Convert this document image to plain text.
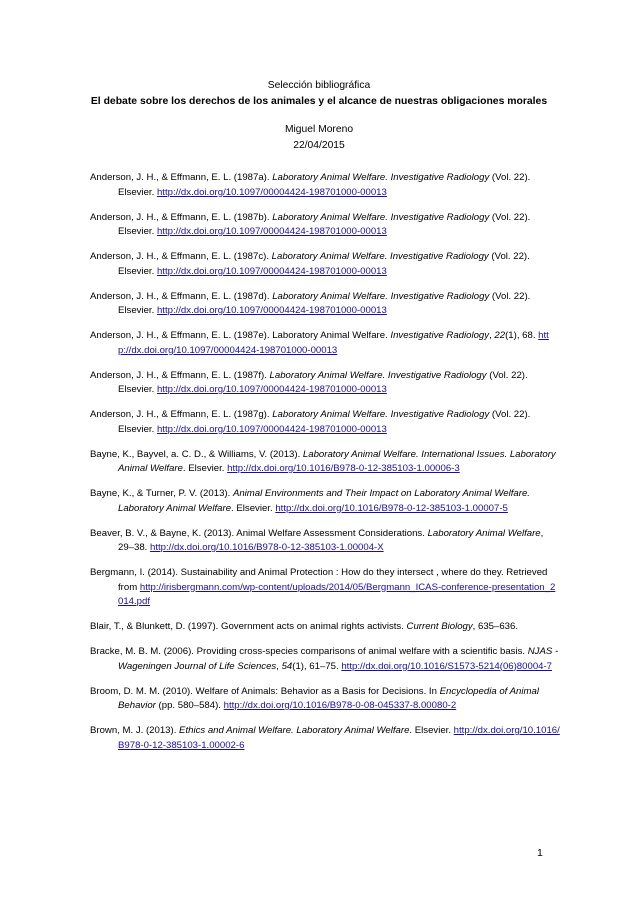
Selección bibliográfica
El debate sobre los derechos de los animales y el alcance de nuestras obligaciones morales
Miguel Moreno
22/04/2015
Anderson, J. H., & Effmann, E. L. (1987a). Laboratory Animal Welfare. Investigative Radiology (Vol. 22). Elsevier. http://dx.doi.org/10.1097/00004424-198701000-00013
Anderson, J. H., & Effmann, E. L. (1987b). Laboratory Animal Welfare. Investigative Radiology (Vol. 22). Elsevier. http://dx.doi.org/10.1097/00004424-198701000-00013
Anderson, J. H., & Effmann, E. L. (1987c). Laboratory Animal Welfare. Investigative Radiology (Vol. 22). Elsevier. http://dx.doi.org/10.1097/00004424-198701000-00013
Anderson, J. H., & Effmann, E. L. (1987d). Laboratory Animal Welfare. Investigative Radiology (Vol. 22). Elsevier. http://dx.doi.org/10.1097/00004424-198701000-00013
Anderson, J. H., & Effmann, E. L. (1987e). Laboratory Animal Welfare. Investigative Radiology, 22(1), 68. http://dx.doi.org/10.1097/00004424-198701000-00013
Anderson, J. H., & Effmann, E. L. (1987f). Laboratory Animal Welfare. Investigative Radiology (Vol. 22). Elsevier. http://dx.doi.org/10.1097/00004424-198701000-00013
Anderson, J. H., & Effmann, E. L. (1987g). Laboratory Animal Welfare. Investigative Radiology (Vol. 22). Elsevier. http://dx.doi.org/10.1097/00004424-198701000-00013
Bayne, K., Bayvel, a. C. D., & Williams, V. (2013). Laboratory Animal Welfare. International Issues. Laboratory Animal Welfare. Elsevier. http://dx.doi.org/10.1016/B978-0-12-385103-1.00006-3
Bayne, K., & Turner, P. V. (2013). Animal Environments and Their Impact on Laboratory Animal Welfare. Laboratory Animal Welfare. Elsevier. http://dx.doi.org/10.1016/B978-0-12-385103-1.00007-5
Beaver, B. V., & Bayne, K. (2013). Animal Welfare Assessment Considerations. Laboratory Animal Welfare, 29–38. http://dx.doi.org/10.1016/B978-0-12-385103-1.00004-X
Bergmann, I. (2014). Sustainability and Animal Protection : How do they intersect , where do they. Retrieved from http://irisbergmann.com/wp-content/uploads/2014/05/Bergmann_ICAS-conference-presentation_2014.pdf
Blair, T., & Blunkett, D. (1997). Government acts on animal rights activists. Current Biology, 635–636.
Bracke, M. B. M. (2006). Providing cross-species comparisons of animal welfare with a scientific basis. NJAS - Wageningen Journal of Life Sciences, 54(1), 61–75. http://dx.doi.org/10.1016/S1573-5214(06)80004-7
Broom, D. M. M. (2010). Welfare of Animals: Behavior as a Basis for Decisions. In Encyclopedia of Animal Behavior (pp. 580–584). http://dx.doi.org/10.1016/B978-0-08-045337-8.00080-2
Brown, M. J. (2013). Ethics and Animal Welfare. Laboratory Animal Welfare. Elsevier. http://dx.doi.org/10.1016/B978-0-12-385103-1.00002-6
1
